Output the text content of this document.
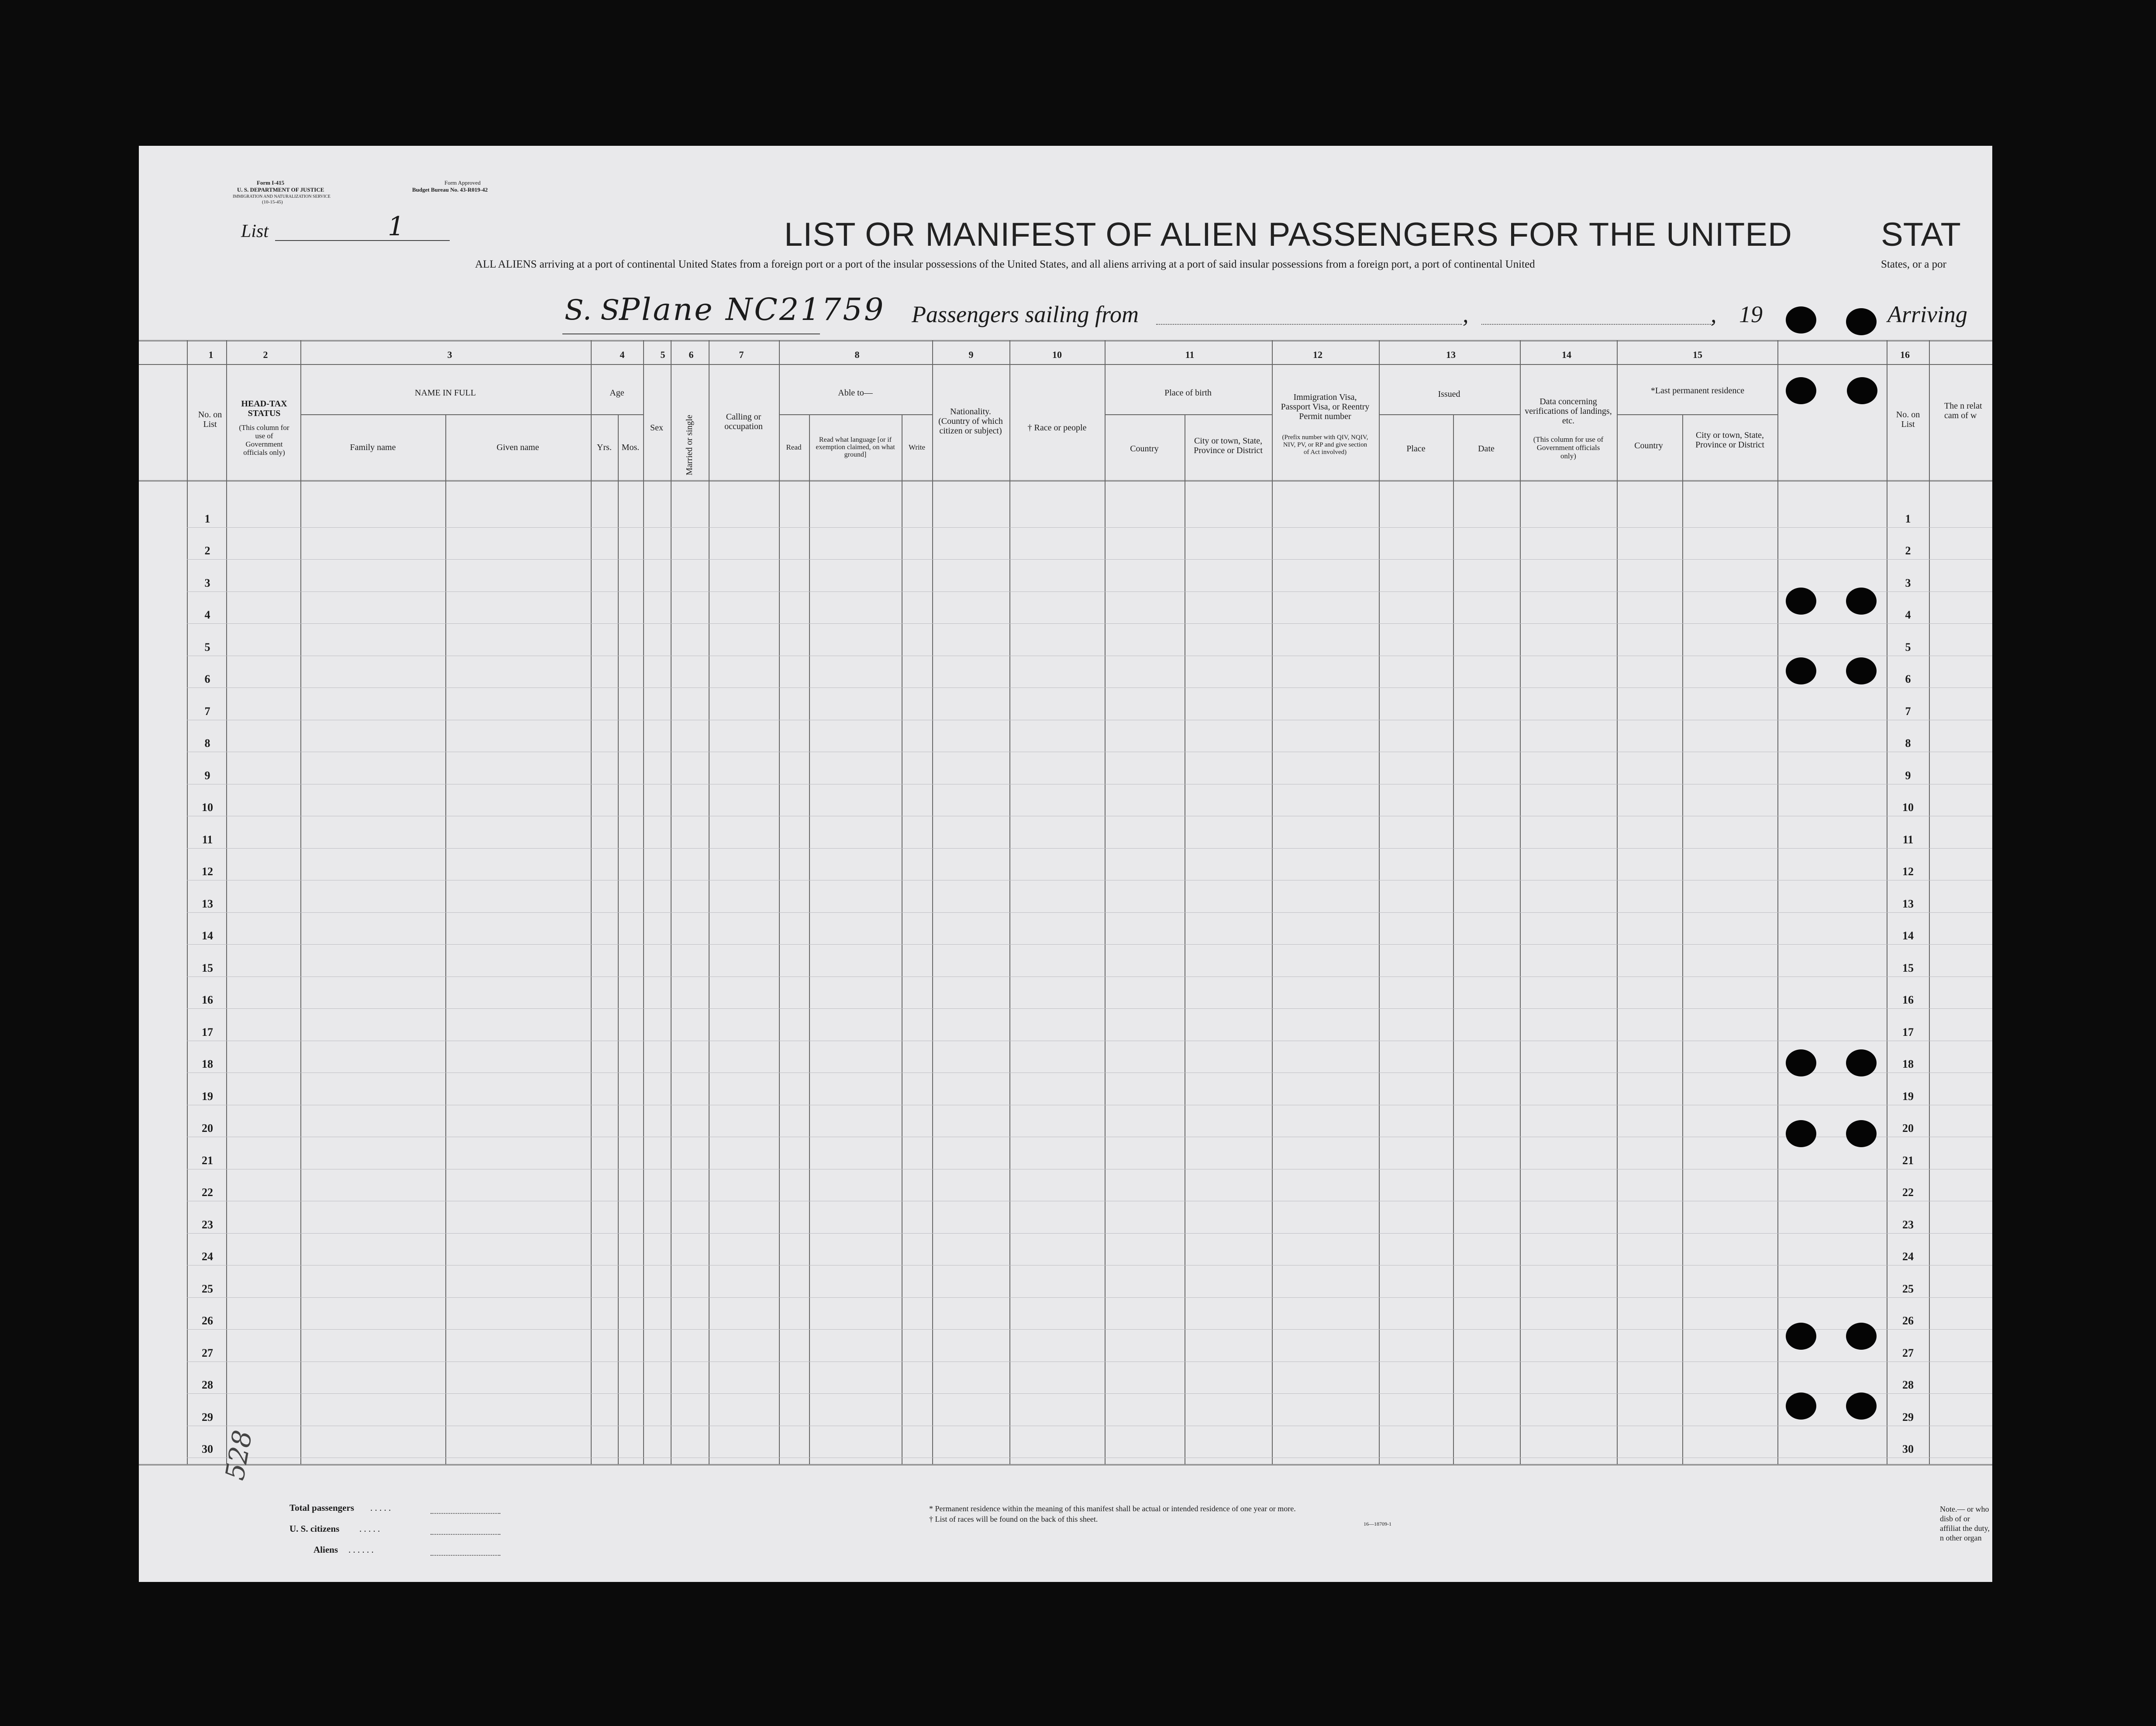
Form I-415
U. S. DEPARTMENT OF JUSTICE
IMMIGRATION AND NATURALIZATION SERVICE
(10-15-45)
Form Approved
Budget Bureau No. 43-R019-42
List	1	LIST OR MANIFEST OF ALIEN PASSENGERS FOR THE UNITED	STAT
ALL ALIENS arriving at a port of continental United States from a foreign port or a port of the insular possessions of the United States, and all aliens arriving at a port of said insular possessions from a foreign port, a port of continental United	States, or a por
S. S.
Plane NC21759 Passengers sailing from	,	, 19	Arriving
1	2	3	4	5	6	7	8	9	10	11	12	13	14	15	16
No. on List
HEAD-TAX STATUS
(This column for use of Government officials only)
NAME IN FULL
Family name	Given name
Age
Yrs. Mos.
Sex Married or single	Calling or occupation
Able to—
Read
Read what language [or if exemption claimed, on what ground]
Write
Nationality. (Country of which citizen or subject)	† Race or people
Place of birth
Country
City or town, State, Province or District
Immigration Visa, Passport Visa, or Reentry Permit number
(Prefix number with QIV, NQIV, NIV, PV, or RP and give section of Act involved)
Issued
Place	Date
Data concerning verifications of landings, etc.
(This column for use of Government officials only)
*Last permanent residence
Country
City or town, State, Province or District
No. on List
The n relat cam of w
1	1
2	2
3	3
4	4
5	5
6	6
7	7
8	8
9	9
10	10
11	11
12	12
13	13
14	14
15	15
16	16
17	17
18	18
19	19
20	20
21	21
22	22
23	23
24	24
25	25
26	26
27	27
28	28
29	29
30	30
528
Total passengers . . . . .
U. S. citizens . . . . .
Aliens . . . . . .
* Permanent residence within the meaning of this manifest shall be actual or intended residence of one year or more.
† List of races will be found on the back of this sheet.
16—18709-1
Note.— or who disb of or affiliat the duty, n other organ
